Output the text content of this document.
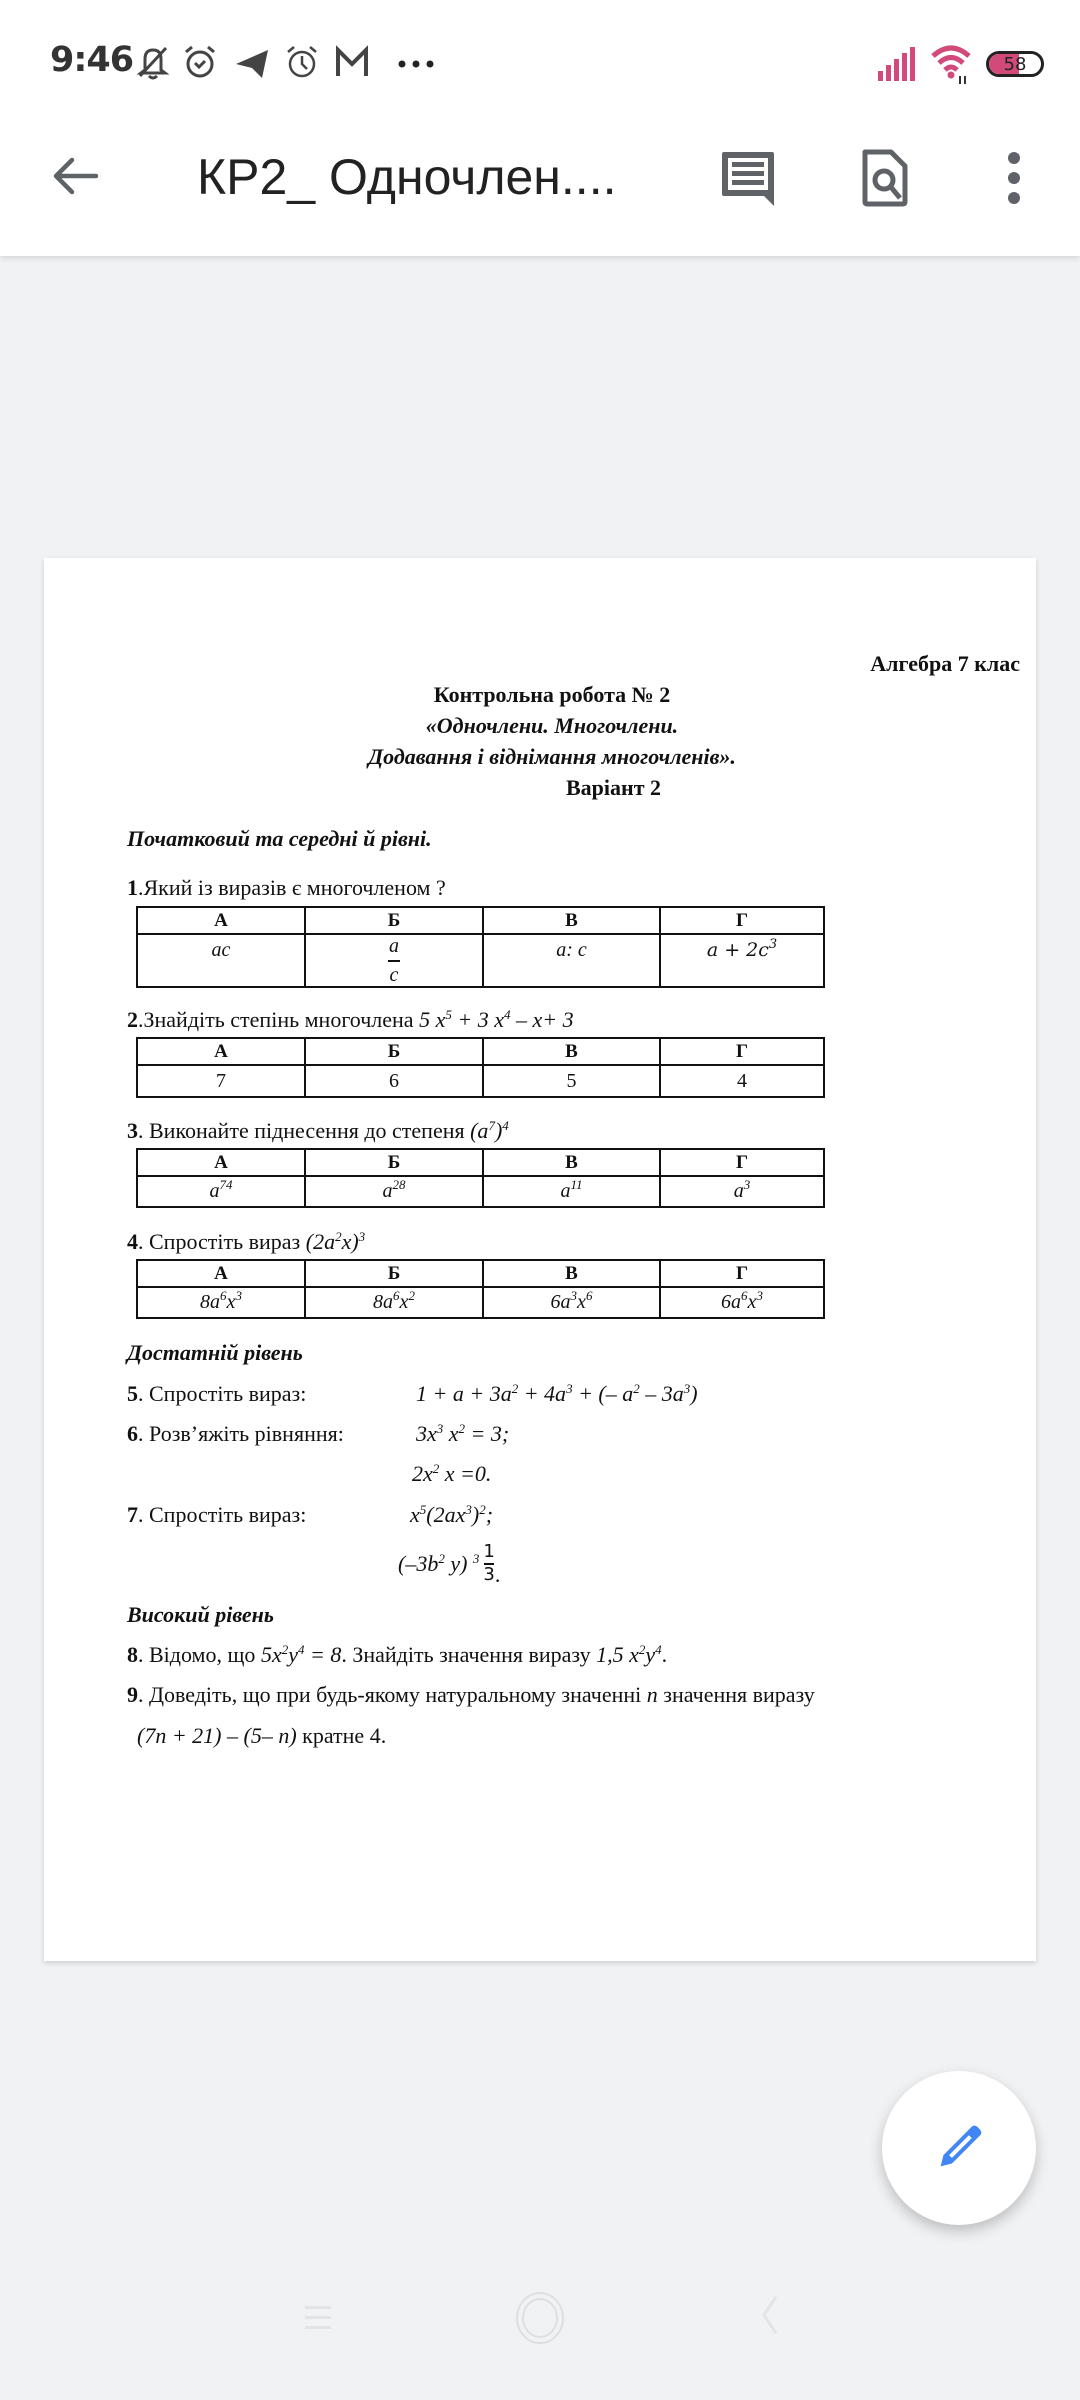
9:46	58
КР2_ Одночлен....
Алгебра 7 клас
Контрольна робота № 2
«Одночлени. Многочлени.
Додавання і віднімання многочленів».
Варіант 2
Початковий та середні й рівні.
1.Який із виразів є многочленом ?
А	Б	В	Г
ac	$\frac{a}{c}$	a: c	$a + 2c^3$
2.Знайдіть степінь многочлена 5 $x^5 + 3$ $x^4 - x+ 3$
А	Б	В	Г
7	6	5	4
3. Виконайте піднесення до степеня $(a^7)^4$
А	Б	В	Г
$a^{74}$	$a^{28}$	$a^{11}$	$a^3$
4. Спростіть вираз $(2a^2x)^3$
А	Б	В	Г
$8a^6x^3$	$8a^6x^2$	$6a^3x^6$	$6a^6x^3$
Достатній рівень
5. Спростіть вираз:	$1 + a + 3a^2 + 4a^3$ + (– $a^2 - 3a^3$)
6. Розв’яжіть рівняння:	$3x^3$ $x^2 = 3$;
$2x^2$ x =0.
7. Спростіть вираз:	$x^5(2ax^3)^2$;
($-3b^2$ y) $^3 \frac{1}{3}$ .
Високий рівень
8. Відомо, що $5x^2y^4 = 8$. Знайдіть значення виразу 1,5 $x^2y^4$.
9. Доведіть, що при будь-якому натуральному значенні n значення виразу
(7n + 21) – (5– n) кратне 4.
